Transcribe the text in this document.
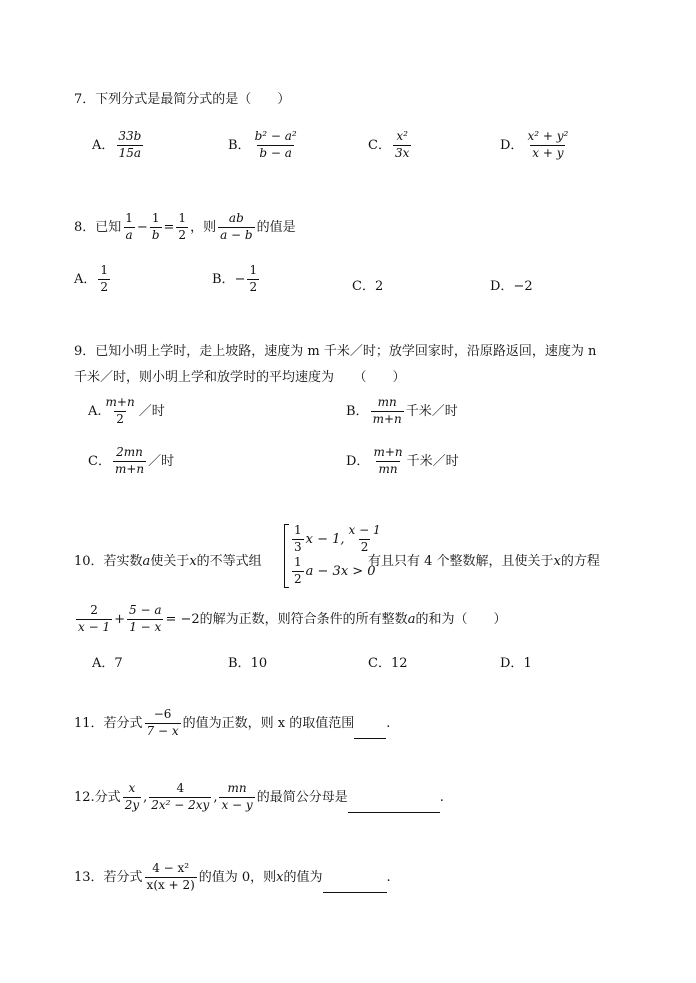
7．下列分式是最简分式的是（　　）
A． $\frac{33b}{15a}$	B． $\frac{\text{b² − a²}}{b - a}$	C． $\frac{\text{x²}}{3x}$	D． $\frac{\text{x² + y²}}{x + y}$
8．已知 $\frac{1}{a} - \frac{1}{b} = \frac{1}{2}$ ，则 $\frac{ab}{a - b}$ 的值是
A． $\frac{1}{2}$	B．− $\frac{1}{2}$	C．2	D．−2
9．已知小明上学时，走上坡路，速度为 m 千米／时；放学回家时，沿原路返回，速度为 n
千米／时，则小明上学和放学时的平均速度为　　（　　）
A. $\frac{m+n}{2}$ ／时	B． $\frac{mn}{m+n}$ 千米／时
C． $\frac{2mn}{m+n}$ ／时	D． $\frac{m+n}{mn}$ 千米／时
10．若实数a使关于x的不等式组
$\frac{1}{3}$ x − 1, $\frac{x - 1}{2}$
$\frac{1}{2}$ a − 3x > 0
有且只有 4 个整数解，且使关于x的方程
$\frac{2}{x - 1} + \frac{5 - a}{1 - x} = -2$的解为正数，则符合条件的所有整数a的和为（　　）
A．7	B．10	C．12	D．1
11．若分式 $\frac{-6}{7 - x}$ 的值为正数，则 x 的取值范围 .
12.分式 $\frac{x}{2y}$ , $\frac{4}{\text{2x² − 2xy}}$ , $\frac{mn}{x - y}$ 的最简公分母是	.
13．若分式 $\frac{\text{4 − x²}}{x(x + 2)}$ 的值为 0，则x的值为	.
